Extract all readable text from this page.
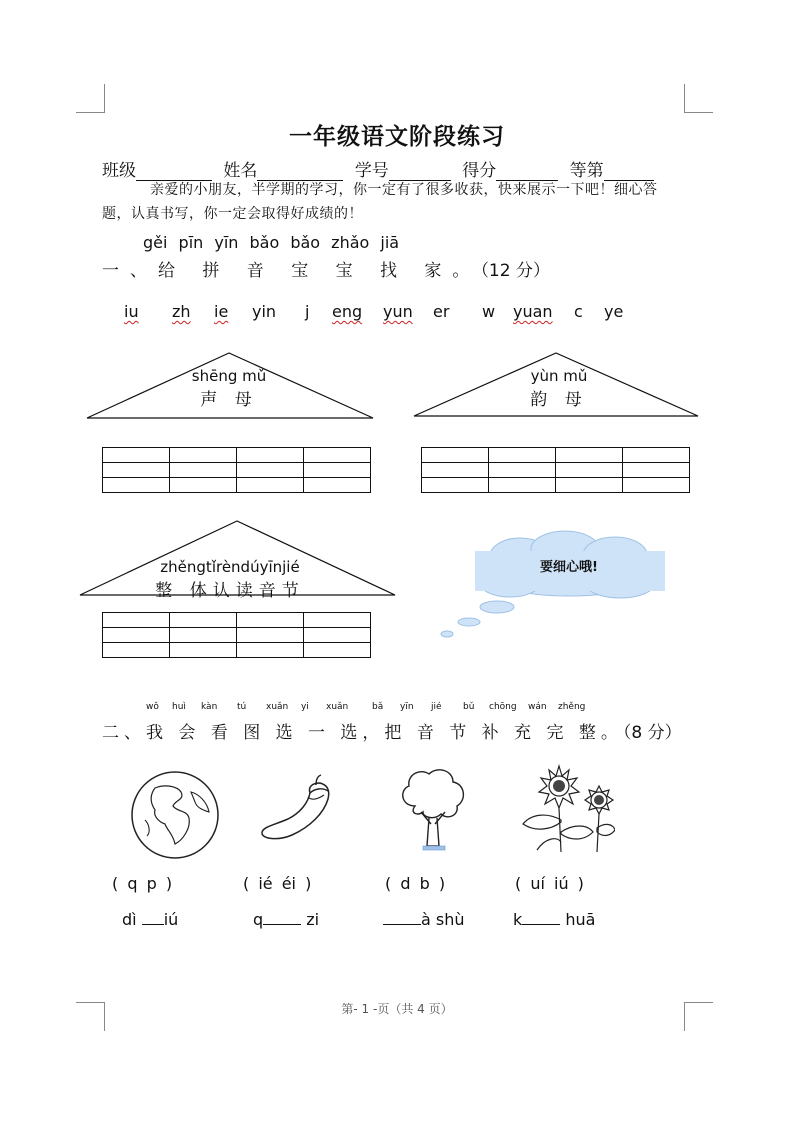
一年级语文阶段练习
班级	姓名	学号	得分	等第
亲爱的小朋友，半学期的学习，你一定有了很多收获，快来展示一下吧！细心答题，认真书写，你一定会取得好成绩的！
gěi pīn yīn bǎo bǎo zhǎo jiā
一、给 拼 音 宝 宝 找 家。（12 分）
iu zh ie yin j eng yun er w yuan c ye
shēng mǔ
声 母
yùn mǔ
韵 母
zhěngtǐrèndúyīnjié
整 体认读音节
要细心哦!

wǒ huì kàn tú xuǎn yi xuǎn	bǎ yīn jié bǔ chōng wán zhěng
二、我 会 看 图 选 一 选，把 音 节 补 充 完 整。（8 分）
( q p )	( ié éi )	( d b )	( uí iú )
dì iú	q zi	à shù	k huā
第- 1 -页（共 4 页）
